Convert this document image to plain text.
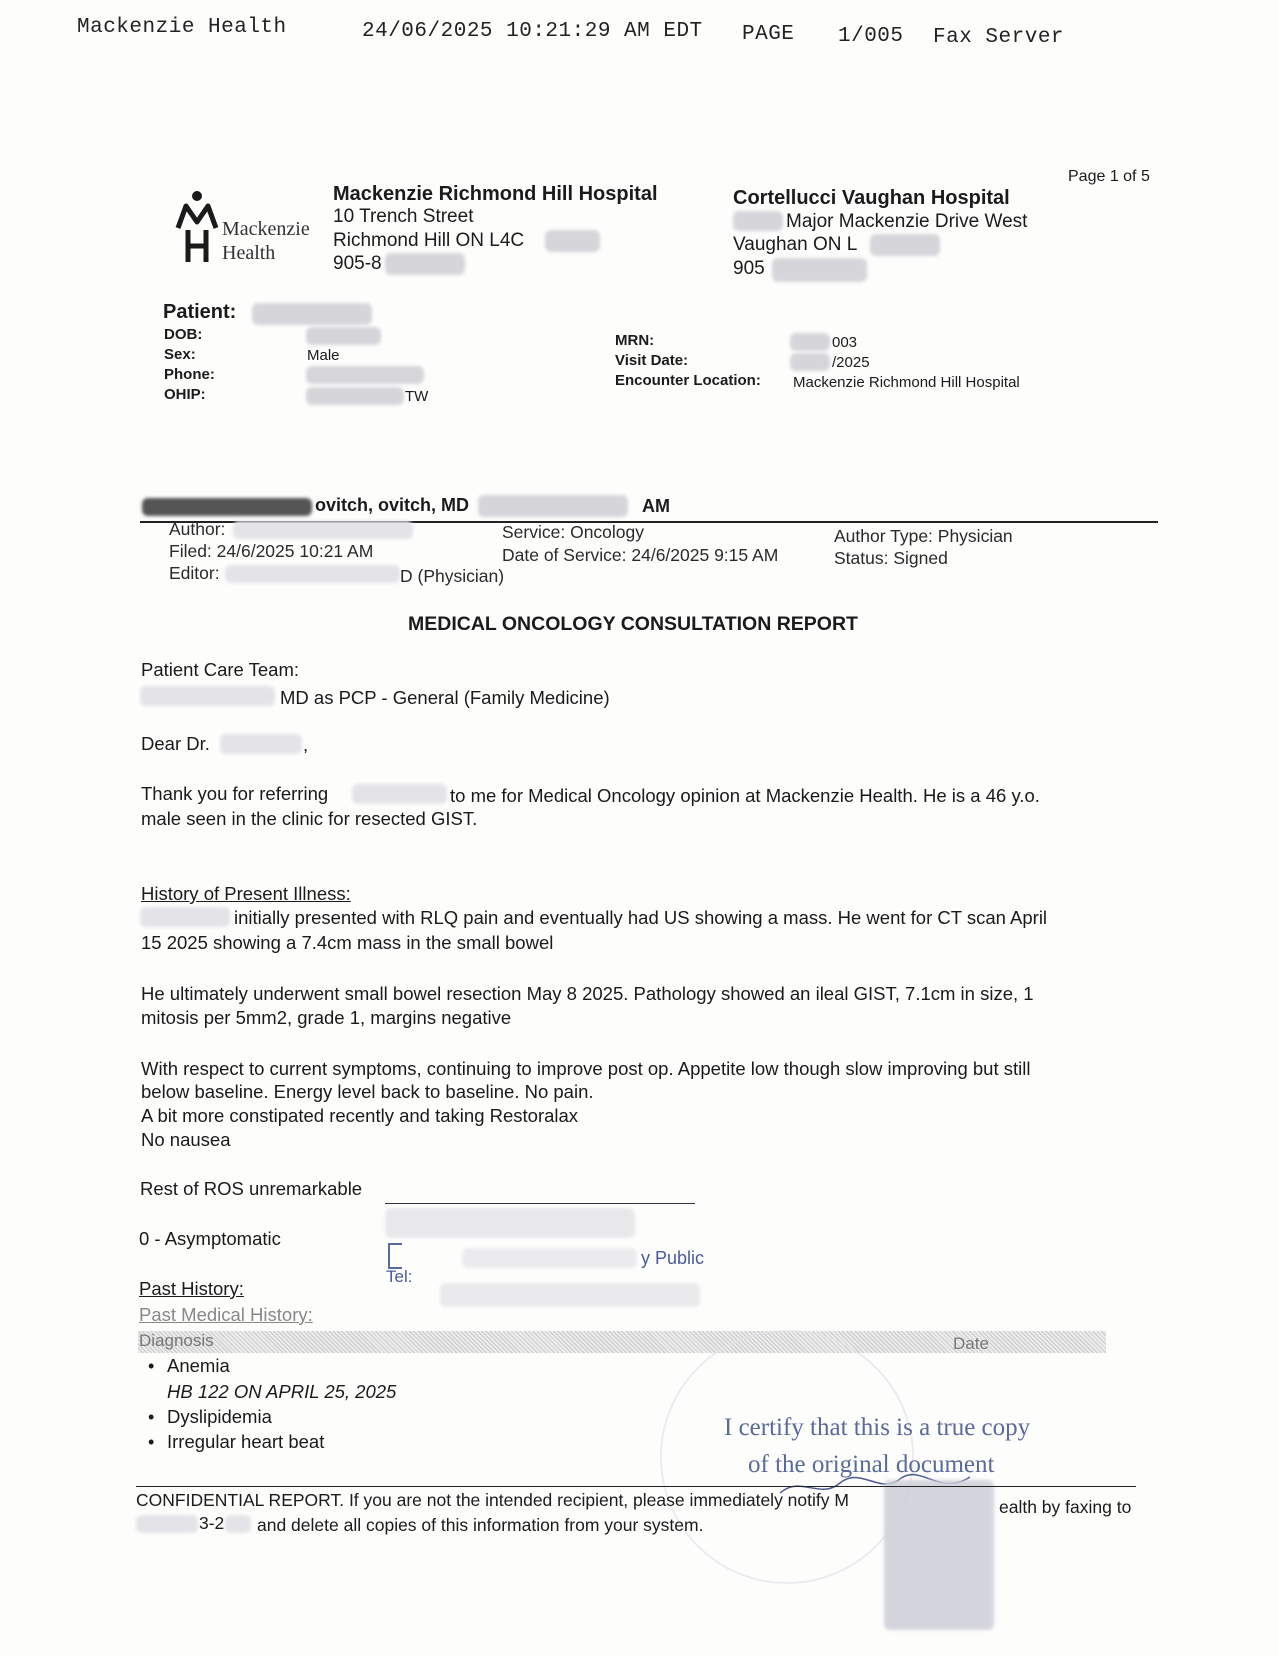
Mackenzie Health	24/06/2025 10:21:29 AM EDT PAGE 1/005 Fax Server
Page 1 of 5
Mackenzie
Health
Mackenzie Richmond Hill Hospital
10 Trench Street
Richmond Hill ON L4C
905-8
Cortellucci Vaughan Hospital
Major Mackenzie Drive West
Vaughan ON L
905
Patient:
DOB:
Sex:	Male
Phone:
OHIP:	TW
MRN:	003
Visit Date:	/2025
Encounter Location: Mackenzie Richmond Hill Hospital
ovitch, ovitch, MD	AM
Author:
Filed: 24/6/2025 10:21 AM
Editor:	D (Physician)
Service: Oncology
Date of Service: 24/6/2025 9:15 AM
Author Type: Physician
Status: Signed
MEDICAL ONCOLOGY CONSULTATION REPORT
Patient Care Team:
MD as PCP - General (Family Medicine)
Dear Dr.	,
Thank you for referring	to me for Medical Oncology opinion at Mackenzie Health. He is a 46 y.o.
male seen in the clinic for resected GIST.
History of Present Illness:
initially presented with RLQ pain and eventually had US showing a mass. He went for CT scan April
15 2025 showing a 7.4cm mass in the small bowel
He ultimately underwent small bowel resection May 8 2025. Pathology showed an ileal GIST, 7.1cm in size, 1
mitosis per 5mm2, grade 1, margins negative
With respect to current symptoms, continuing to improve post op. Appetite low though slow improving but still
below baseline. Energy level back to baseline. No pain.
A bit more constipated recently and taking Restoralax
No nausea
Rest of ROS unremarkable
0 - Asymptomatic
y Public
Tel:
Past History:
Past Medical History:
Diagnosis	Date
• Anemia
HB 122 ON APRIL 25, 2025
• Dyslipidemia
• Irregular heart beat
I certify that this is a true copy
of the original document
CONFIDENTIAL REPORT. If you are not the intended recipient, please immediately notify M	ealth by faxing to
3-2 and delete all copies of this information from your system.
